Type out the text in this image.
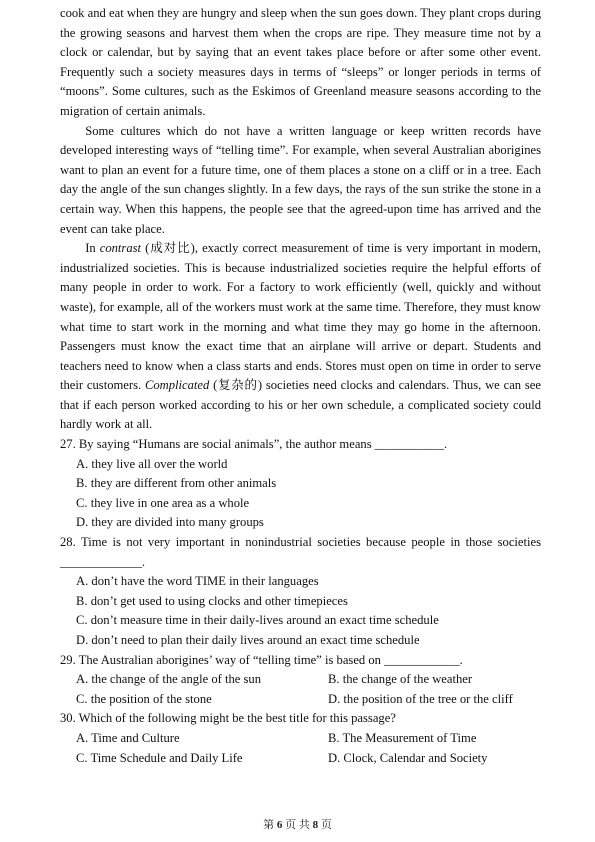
cook and eat when they are hungry and sleep when the sun goes down. They plant crops during the growing seasons and harvest them when the crops are ripe. They measure time not by a clock or calendar, but by saying that an event takes place before or after some other event. Frequently such a society measures days in terms of “sleeps” or longer periods in terms of “moons”. Some cultures, such as the Eskimos of Greenland measure seasons according to the migration of certain animals.

Some cultures which do not have a written language or keep written records have developed interesting ways of “telling time”. For example, when several Australian aborigines want to plan an event for a future time, one of them places a stone on a cliff or in a tree. Each day the angle of the sun changes slightly. In a few days, the rays of the sun strike the stone in a certain way. When this happens, the people see that the agreed-upon time has arrived and the event can take place.

In contrast (成对比), exactly correct measurement of time is very important in modern, industrialized societies. This is because industrialized societies require the helpful efforts of many people in order to work. For a factory to work efficiently (well, quickly and without waste), for example, all of the workers must work at the same time. Therefore, they must know what time to start work in the morning and what time they may go home in the afternoon. Passengers must know the exact time that an airplane will arrive or depart. Students and teachers need to know when a class starts and ends. Stores must open on time in order to serve their customers. Complicated (复杂的) societies need clocks and calendars. Thus, we can see that if each person worked according to his or her own schedule, a complicated society could hardly work at all.

27. By saying “Humans are social animals”, the author means ___________.

A. they live all over the world

B. they are different from other animals

C. they live in one area as a whole

D. they are divided into many groups

28. Time is not very important in nonindustrial societies because people in those societies _____________.

A. don’t have the word TIME in their languages

B. don’t get used to using clocks and other timepieces

C. don’t measure time in their daily-lives around an exact time schedule

D. don’t need to plan their daily lives around an exact time schedule

29. The Australian aborigines’ way of “telling time” is based on ____________.

A. the change of the angle of the sun	B. the change of the weather

C. the position of the stone	D. the position of the tree or the cliff

30. Which of the following might be the best title for this passage?

A. Time and Culture	B. The Measurement of Time

C. Time Schedule and Daily Life	D. Clock, Calendar and Society

第 6 页 共 8 页
